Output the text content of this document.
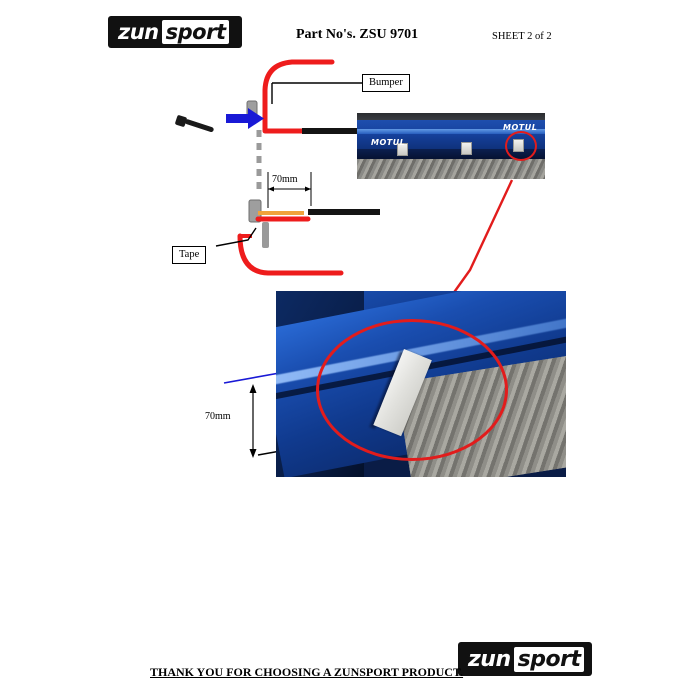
zun sport	Part No's. ZSU 9701	SHEET 2 of 2
MOTUL
MOTUL
Bumper
Tape
70mm
70mm
zun sport
THANK YOU FOR CHOOSING A ZUNSPORT PRODUCT.
